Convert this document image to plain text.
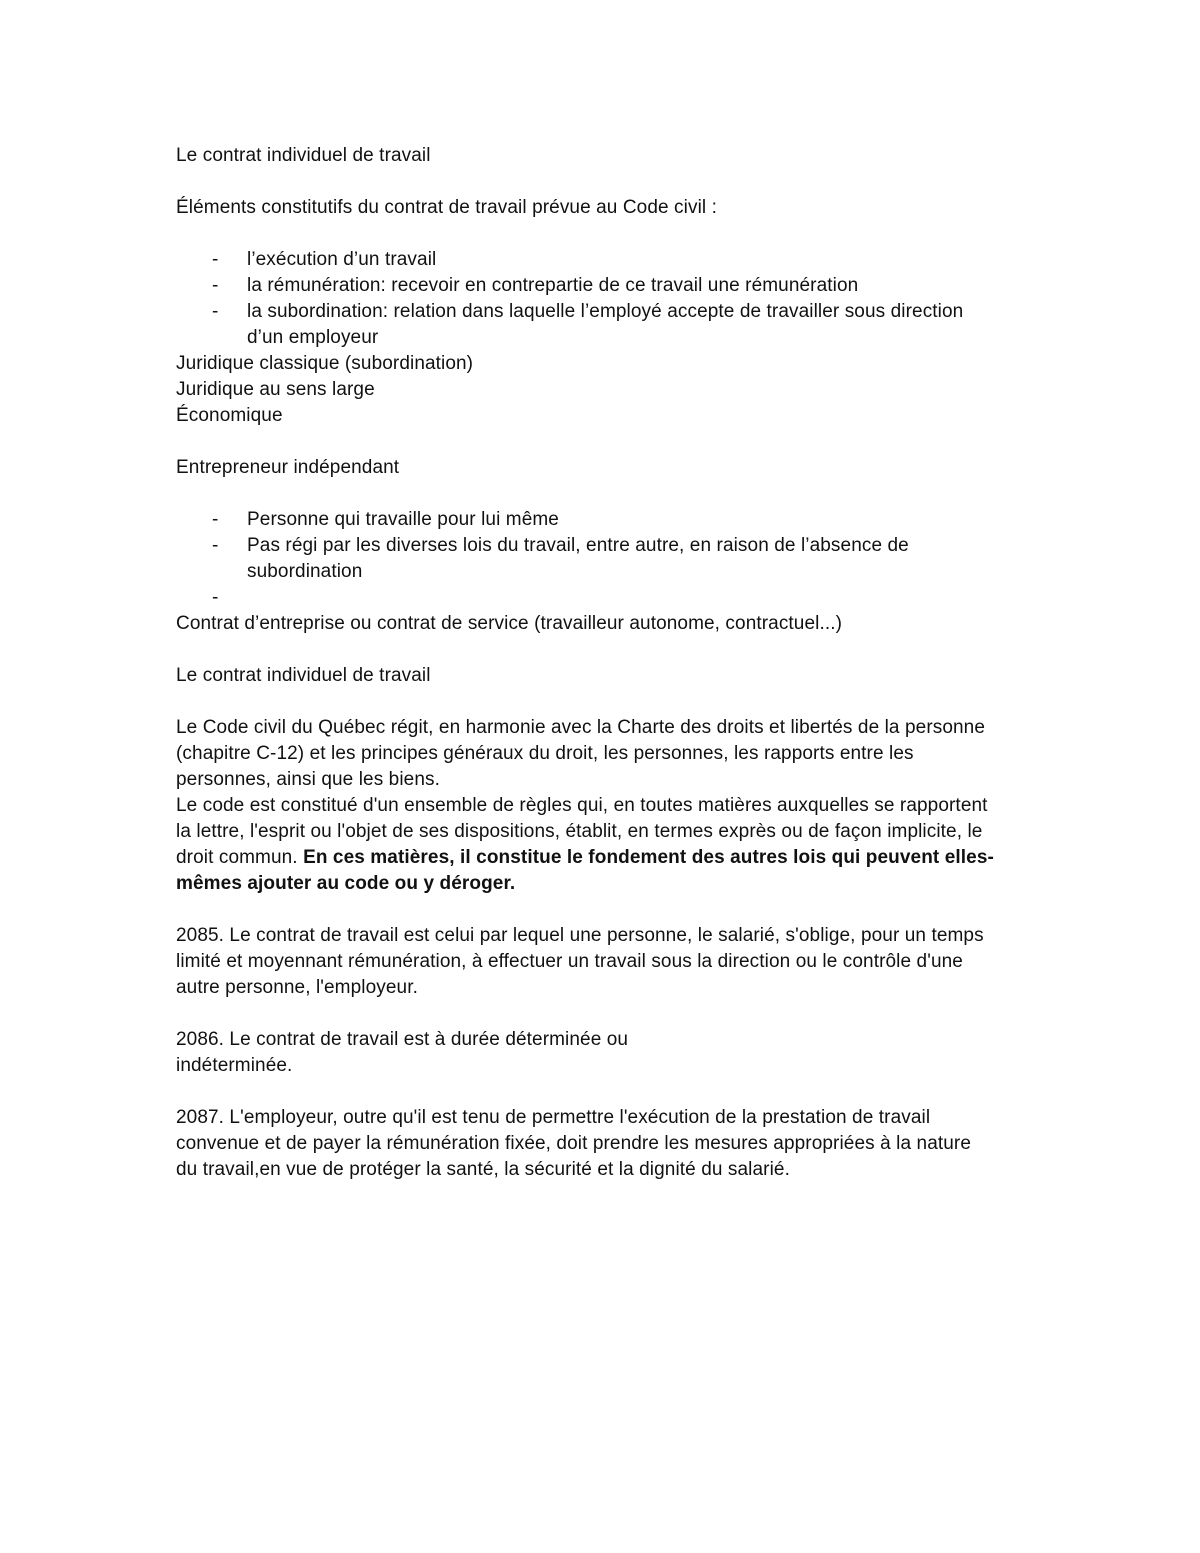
Le contrat individuel de travail
Éléments constitutifs du contrat de travail prévue au Code civil :
- l’exécution d’un travail
- la rémunération: recevoir en contrepartie de ce travail une rémunération
- la subordination: relation dans laquelle l’employé accepte de travailler sous direction
d’un employeur
Juridique classique (subordination)
Juridique au sens large
Économique
Entrepreneur indépendant
- Personne qui travaille pour lui même
- Pas régi par les diverses lois du travail, entre autre, en raison de l’absence de
subordination
-
Contrat d’entreprise ou contrat de service (travailleur autonome, contractuel...)
Le contrat individuel de travail
Le Code civil du Québec régit, en harmonie avec la Charte des droits et libertés de la personne
(chapitre C-12) et les principes généraux du droit, les personnes, les rapports entre les
personnes, ainsi que les biens.
Le code est constitué d'un ensemble de règles qui, en toutes matières auxquelles se rapportent
la lettre, l'esprit ou l'objet de ses dispositions, établit, en termes exprès ou de façon implicite, le
droit commun. En ces matières, il constitue le fondement des autres lois qui peuvent elles-
mêmes ajouter au code ou y déroger.
2085. Le contrat de travail est celui par lequel une personne, le salarié, s'oblige, pour un temps
limité et moyennant rémunération, à effectuer un travail sous la direction ou le contrôle d'une
autre personne, l'employeur.
2086. Le contrat de travail est à durée déterminée ou
indéterminée.
2087. L'employeur, outre qu'il est tenu de permettre l'exécution de la prestation de travail
convenue et de payer la rémunération fixée, doit prendre les mesures appropriées à la nature
du travail,en vue de protéger la santé, la sécurité et la dignité du salarié.
